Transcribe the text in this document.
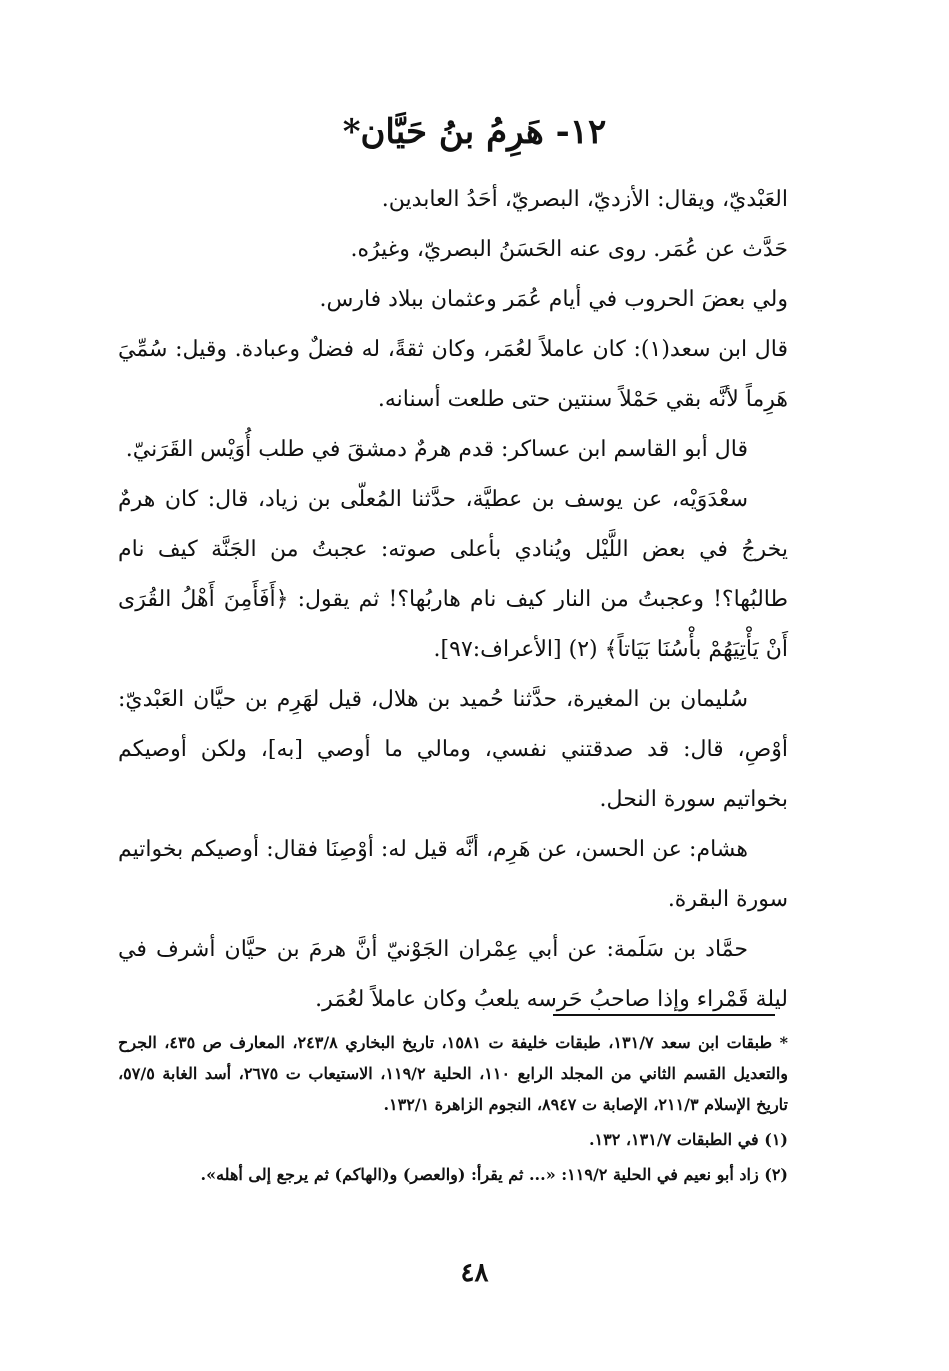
١٢- هَرِمُ بنُ حَيَّان*

العَبْديّ، ويقال: الأزديّ، البصريّ، أحَدُ العابدين.

حَدَّث عن عُمَر. روى عنه الحَسَنُ البصريّ، وغيرُه.

ولي بعضَ الحروب في أيام عُمَر وعثمان ببلاد فارس.

قال ابن سعد(١): كان عاملاً لعُمَر، وكان ثقةً، له فضلٌ وعبادة. وقيل: سُمِّيَ هَرِماً لأنَّه بقي حَمْلاً سنتين حتى طلعت أسنانه.

قال أبو القاسم ابن عساكر: قدم هرمٌ دمشقَ في طلب أُوَيْس القَرَنيّ.

سعْدَوَيْه، عن يوسف بن عطيَّة، حدَّثنا المُعلّى بن زياد، قال: كان هرمٌ يخرجُ في بعض اللَّيْل ويُنادي بأعلى صوته: عجبتُ من الجَنَّة كيف نام طالبُها؟! وعجبتُ من النار كيف نام هاربُها؟! ثم يقول: ﴿أَفَأَمِنَ أَهْلُ القُرَى أَنْ يَأْتِيَهُمْ بأْسُنَا بَيَاتاً﴾ (٢) [الأعراف:٩٧].

سُليمان بن المغيرة، حدَّثنا حُميد بن هلال، قيل لهَرِم بن حيَّان العَبْديّ: أوْصِ، قال: قد صدقتني نفسي، ومالي ما أوصي [به]، ولكن أوصيكم بخواتيم سورة النحل.

هشام: عن الحسن، عن هَرِم، أنَّه قيل له: أوْصِنَا فقال: أوصيكم بخواتيم سورة البقرة.

حمَّاد بن سَلَمة: عن أبي عِمْران الجَوْنيّ أنَّ هرمَ بن حيَّان أشرف في ليلة قَمْراء وإذا صاحبُ حَرسه يلعبُ وكان عاملاً لعُمَر.

* طبقات ابن سعد ١٣١/٧، طبقات خليفة ت ١٥٨١، تاريخ البخاري ٢٤٣/٨، المعارف ص ٤٣٥، الجرح والتعديل القسم الثاني من المجلد الرابع ١١٠، الحلية ١١٩/٢، الاستيعاب ت ٢٦٧٥، أسد الغابة ٥٧/٥، تاريخ الإسلام ٢١١/٣، الإصابة ت ٨٩٤٧، النجوم الزاهرة ١٣٢/١.

(١) في الطبقات ١٣١/٧، ١٣٢.

(٢) زاد أبو نعيم في الحلية ١١٩/٢: «... ثم يقرأ: (والعصر) و(الهاكم) ثم يرجع إلى أهله».

٤٨
